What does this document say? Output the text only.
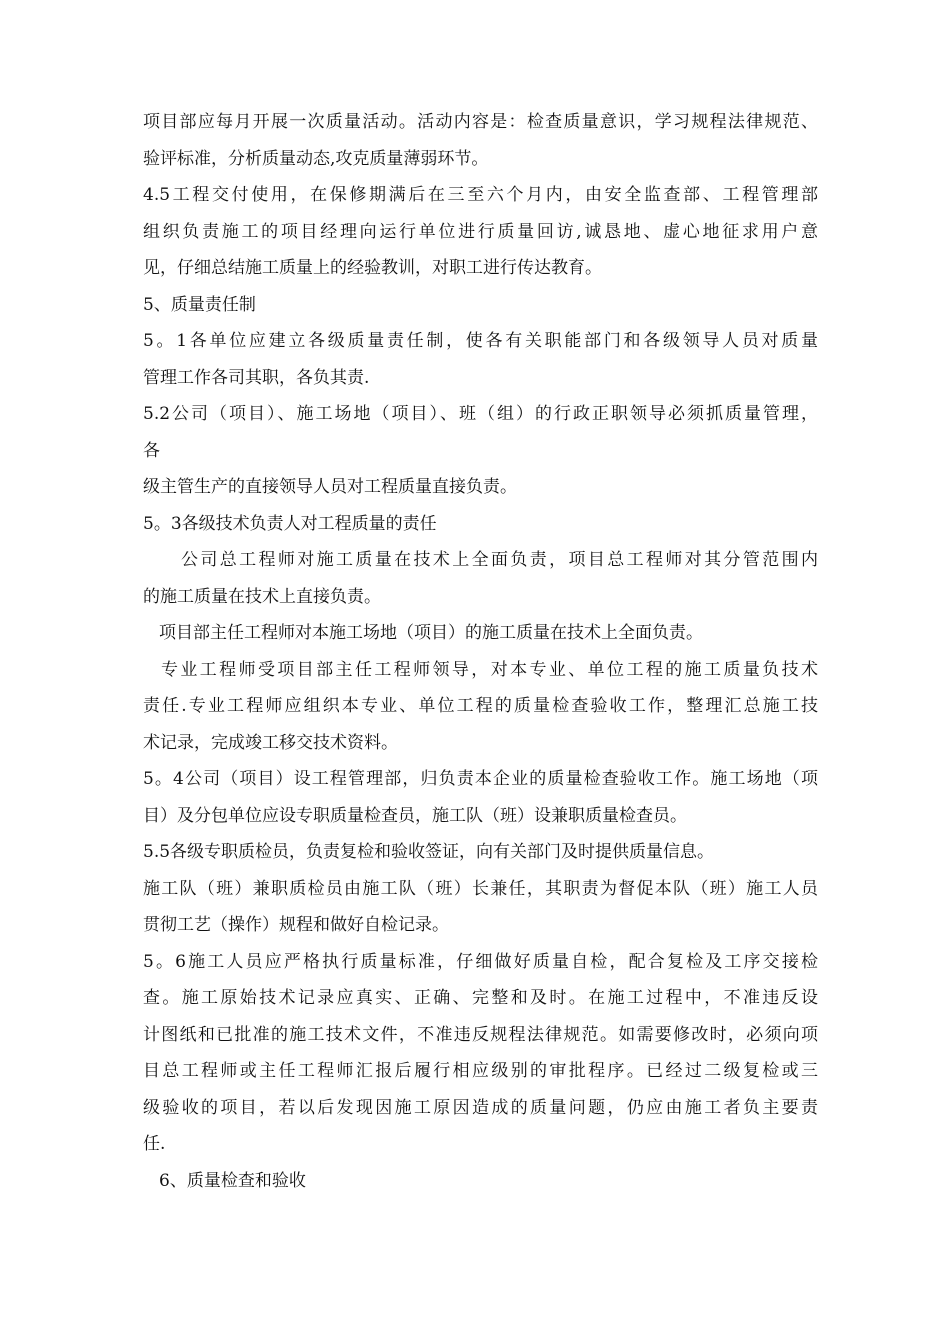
项目部应每月开展一次质量活动。活动内容是：检查质量意识，学习规程法律规范、
验评标准，分析质量动态,攻克质量薄弱环节。
4.5工程交付使用，在保修期满后在三至六个月内，由安全监查部、工程管理部
组织负责施工的项目经理向运行单位进行质量回访,诚恳地、虚心地征求用户意
见，仔细总结施工质量上的经验教训，对职工进行传达教育。
5、质量责任制
5。1各单位应建立各级质量责任制，使各有关职能部门和各级领导人员对质量
管理工作各司其职，各负其责.
5.2公司（项目）、施工场地（项目）、班（组）的行政正职领导必须抓质量管理，
各
级主管生产的直接领导人员对工程质量直接负责。
5。3各级技术负责人对工程质量的责任
公司总工程师对施工质量在技术上全面负责，项目总工程师对其分管范围内
的施工质量在技术上直接负责。
项目部主任工程师对本施工场地（项目）的施工质量在技术上全面负责。
专业工程师受项目部主任工程师领导，对本专业、单位工程的施工质量负技术
责任.专业工程师应组织本专业、单位工程的质量检查验收工作，整理汇总施工技
术记录，完成竣工移交技术资料。
5。4公司（项目）设工程管理部，归负责本企业的质量检查验收工作。施工场地（项
目）及分包单位应设专职质量检查员，施工队（班）设兼职质量检查员。
5.5各级专职质检员，负责复检和验收签证，向有关部门及时提供质量信息。
施工队（班）兼职质检员由施工队（班）长兼任，其职责为督促本队（班）施工人员
贯彻工艺（操作）规程和做好自检记录。
5。6施工人员应严格执行质量标准，仔细做好质量自检，配合复检及工序交接检
查。施工原始技术记录应真实、正确、完整和及时。在施工过程中，不准违反设
计图纸和已批准的施工技术文件，不准违反规程法律规范。如需要修改时，必须向项
目总工程师或主任工程师汇报后履行相应级别的审批程序。已经过二级复检或三
级验收的项目，若以后发现因施工原因造成的质量问题，仍应由施工者负主要责
任.
6、质量检查和验收
